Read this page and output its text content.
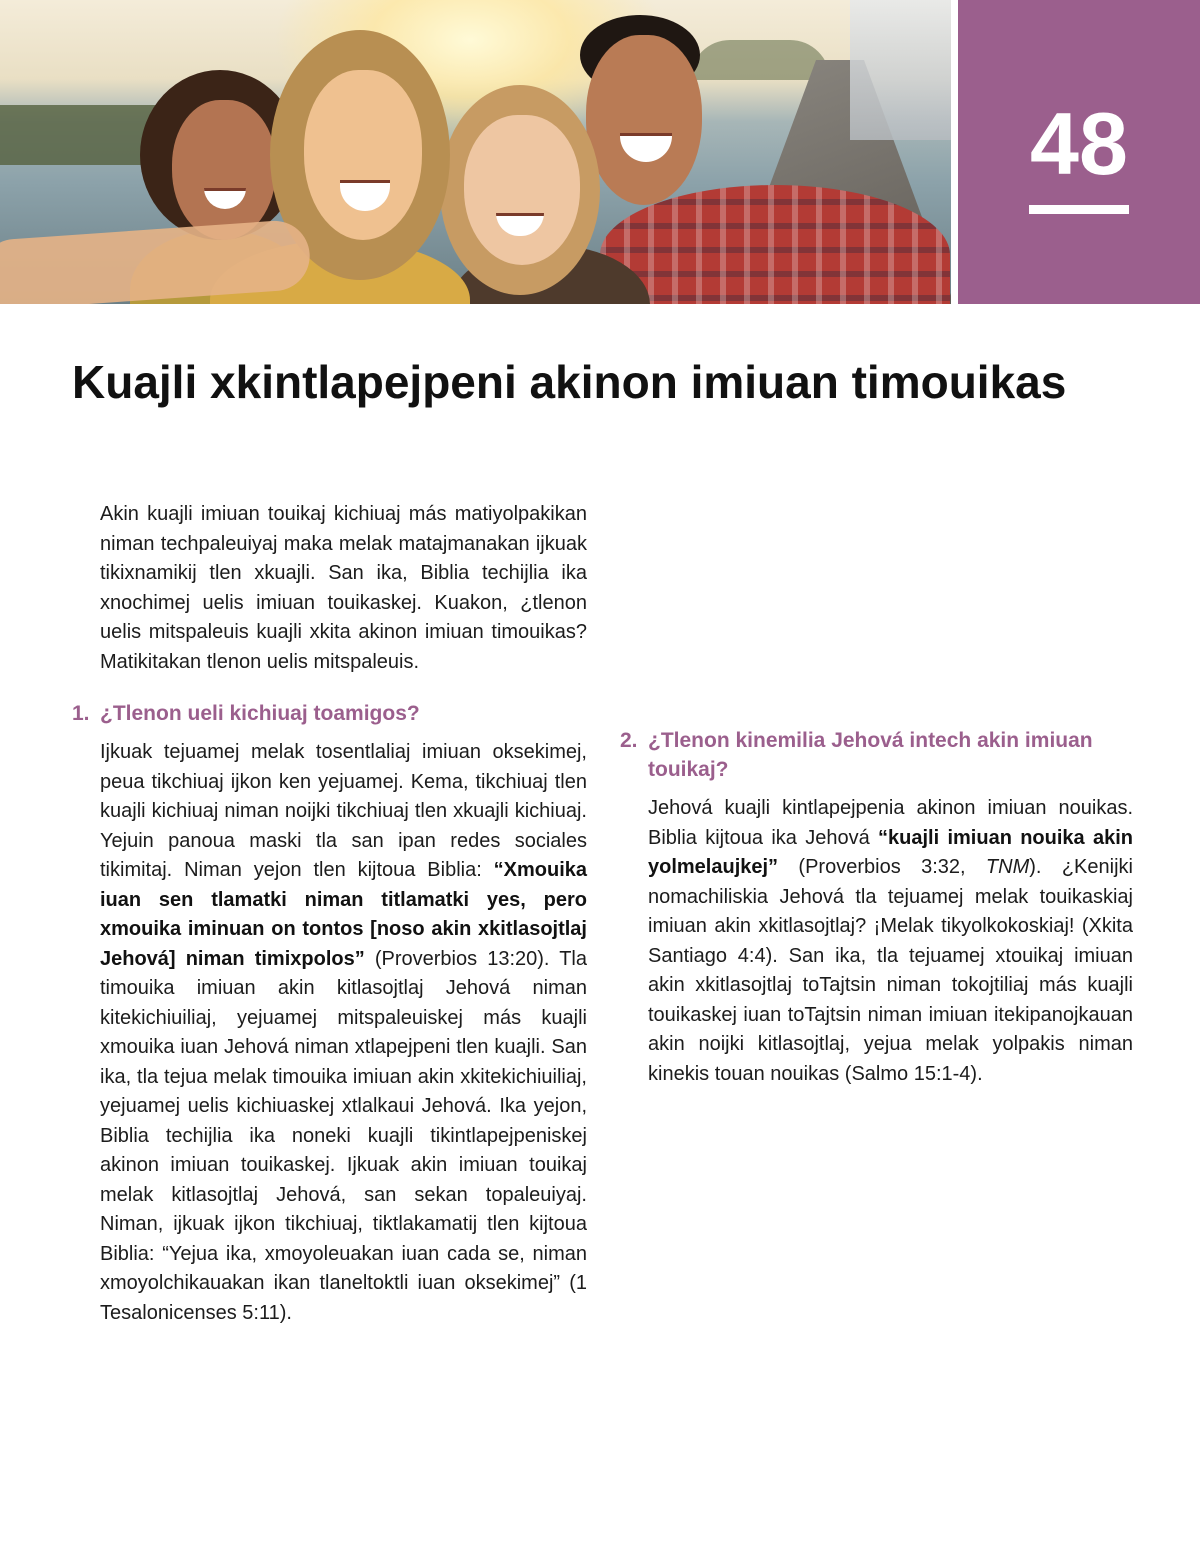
48
Kuajli xkintlapejpeni akinon imiuan timouikas

Akin kuajli imiuan touikaj kichiuaj más matiyolpakikan niman techpaleuiyaj maka melak matajmanakan ijkuak tikixnamikij tlen xkuajli. San ika, Biblia techijlia ika xnochimej uelis imiuan touikaskej. Kuakon, ¿tlenon uelis mitspaleuis kuajli xkita akinon imiuan timouikas? Matikitakan tlenon uelis mitspaleuis.

1. ¿Tlenon ueli kichiuaj toamigos?

Ijkuak tejuamej melak tosentlaliaj imiuan oksekimej, peua tikchiuaj ijkon ken yejuamej. Kema, tikchiuaj tlen kuajli kichiuaj niman noijki tikchiuaj tlen xkuajli kichiuaj. Yejuin panoua maski tla san ipan redes sociales tikimitaj. Niman yejon tlen kijtoua Biblia: “Xmouika iuan sen tlamatki niman titlamatki yes, pero xmouika iminuan on tontos [noso akin xkitlasojtlaj Jehová] niman timixpolos” (Proverbios 13:20). Tla timouika imiuan akin kitlasojtlaj Jehová niman kitekichiuiliaj, yejuamej mitspaleuiskej más kuajli xmouika iuan Jehová niman xtlapejpeni tlen kuajli. San ika, tla tejua melak timouika imiuan akin xkitekichiuiliaj, yejuamej uelis kichiuaskej xtlalkaui Jehová. Ika yejon, Biblia techijlia ika noneki kuajli tikintlapejpeniskej akinon imiuan touikaskej. Ijkuak akin imiuan touikaj melak kitlasojtlaj Jehová, san sekan topaleuiyaj. Niman, ijkuak ijkon tikchiuaj, tiktlakamatij tlen kijtoua Biblia: “Yejua ika, xmoyoleuakan iuan cada se, niman xmoyolchikauakan ikan tlaneltoktli iuan oksekimej” (1 Tesalonicenses 5:11).

2. ¿Tlenon kinemilia Jehová intech akin imiuan touikaj?

Jehová kuajli kintlapejpenia akinon imiuan nouikas. Biblia kijtoua ika Jehová “kuajli imiuan nouika akin yolmelaujkej” (Proverbios 3:32, TNM). ¿Kenijki nomachiliskia Jehová tla tejuamej melak touikaskiaj imiuan akin xkitlasojtlaj? ¡Melak tikyolkokoskiaj! (Xkita Santiago 4:4). San ika, tla tejuamej xtouikaj imiuan akin xkitlasojtlaj toTajtsin niman tokojtiliaj más kuajli touikaskej iuan toTajtsin niman imiuan itekipanojkauan akin noijki kitlasojtlaj, yejua melak yolpakis niman kinekis touan nouikas (Salmo 15:1-4).
